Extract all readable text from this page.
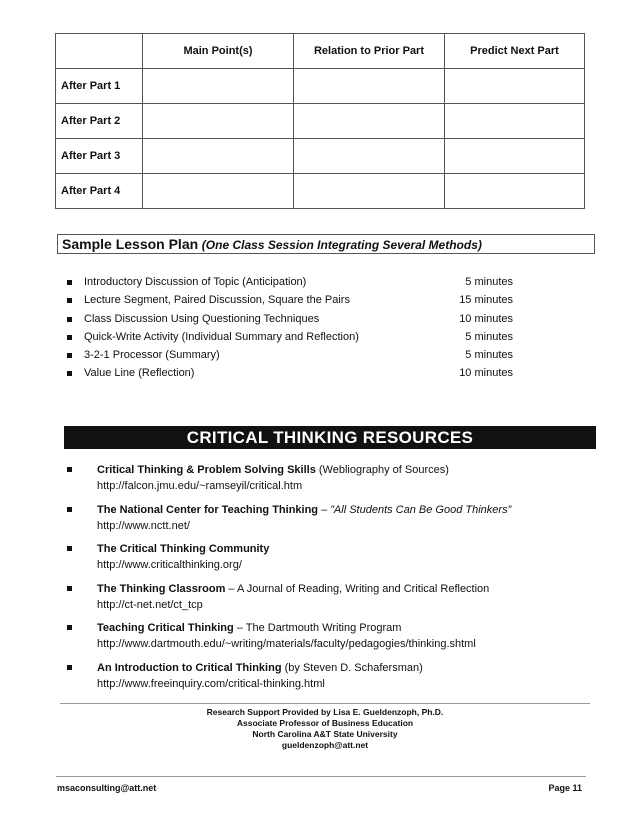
	Main Point(s)	Relation to Prior Part	Predict Next Part
After Part 1			
After Part 2			
After Part 3			
After Part 4			
Sample Lesson Plan (One Class Session Integrating Several Methods)
Introductory Discussion of Topic (Anticipation)	5 minutes
Lecture Segment, Paired Discussion, Square the Pairs	15 minutes
Class Discussion Using Questioning Techniques	10 minutes
Quick-Write Activity (Individual Summary and Reflection)	5 minutes
3-2-1 Processor (Summary)	5 minutes
Value Line (Reflection)	10 minutes
CRITICAL THINKING RESOURCES
Critical Thinking & Problem Solving Skills (Webliography of Sources)
http://falcon.jmu.edu/~ramseyil/critical.htm
The National Center for Teaching Thinking – ”All Students Can Be Good Thinkers”
http://www.nctt.net/
The Critical Thinking Community
http://www.criticalthinking.org/
The Thinking Classroom – A Journal of Reading, Writing and Critical Reflection
http://ct-net.net/ct_tcp
Teaching Critical Thinking – The Dartmouth Writing Program
http://www.dartmouth.edu/~writing/materials/faculty/pedagogies/thinking.shtml
An Introduction to Critical Thinking (by Steven D. Schafersman)
http://www.freeinquiry.com/critical-thinking.html
Research Support Provided by Lisa E. Gueldenzoph, Ph.D.
Associate Professor of Business Education
North Carolina A&T State University
gueldenzoph@att.net
msaconsulting@att.net	Page 11
